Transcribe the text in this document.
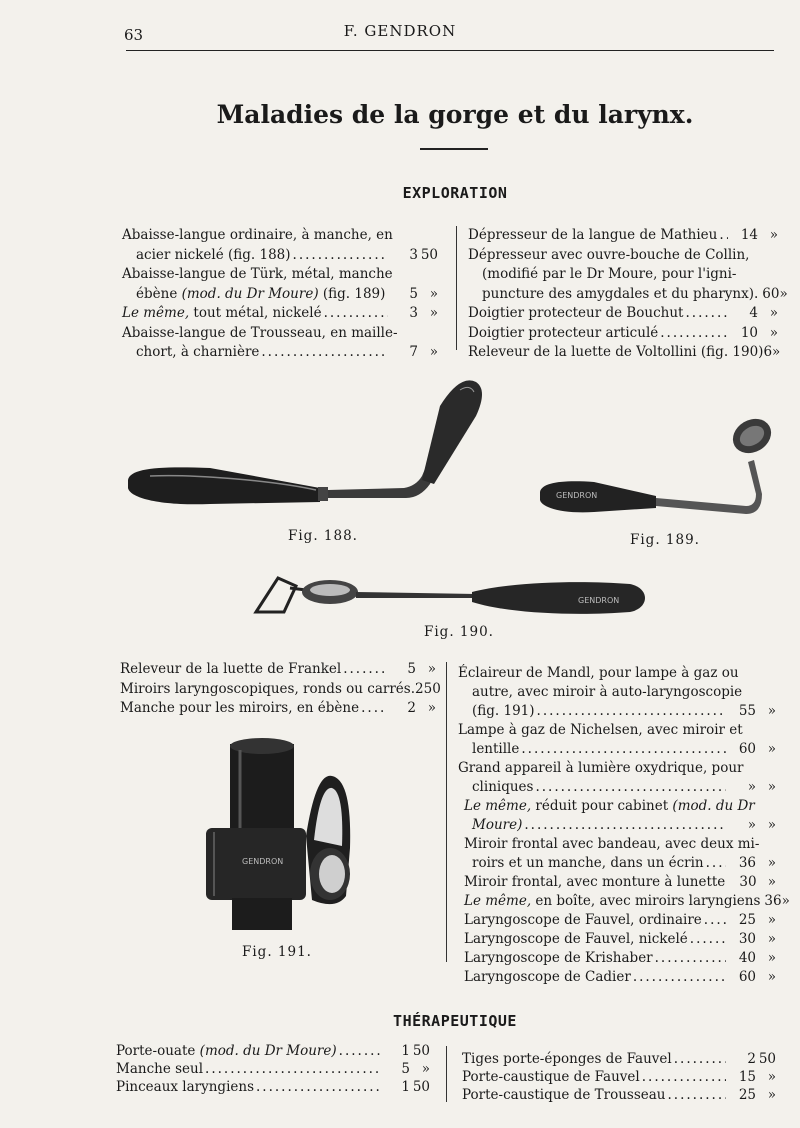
63	F. GENDRON
Maladies de la gorge et du larynx.
EXPLORATION
Abaisse-langue ordinaire, à manche, en
acier nickelé (fig. 188) .....	3 50
Abaisse-langue de Türk, métal, manche
ébène (mod. du Dr Moure) (fig. 189) .....	5 »
Le même, tout métal, nickelé .....	3 »
Abaisse-langue de Trousseau, en maille-
chort, à charnière .....	7 »
Dépresseur de la langue de Mathieu .....	14 »
Dépresseur avec ouvre-bouche de Collin,
(modifié par le Dr Moure, pour l'igni-
puncture des amygdales et du pharynx). 60 »
Doigtier protecteur de Bouchut .....	4 »
Doigtier protecteur articulé .....	10 »
Releveur de la luette de Voltollini (fig. 190) 6 »
Fig. 188.
GENDRON
Fig. 189.
GENDRON
Fig. 190.
Releveur de la luette de Frankel .....	5 »
Miroirs laryngoscopiques, ronds ou carrés. 2 50
Manche pour les miroirs, en ébène .....	2 »
GENDRON
Fig. 191.
Éclaireur de Mandl, pour lampe à gaz ou
autre, avec miroir à auto-laryngoscopie
(fig. 191) .....	55 »
Lampe à gaz de Nichelsen, avec miroir et
lentille .....	60 »
Grand appareil à lumière oxydrique, pour
cliniques .....	» »
Le même, réduit pour cabinet (mod. du Dr
Moure) .....	» »
Miroir frontal avec bandeau, avec deux mi-
roirs et un manche, dans un écrin .....	36 »
Miroir frontal, avec monture à lunette	30 »
Le même, en boîte, avec miroirs laryngiens 36 »
Laryngoscope de Fauvel, ordinaire .....	25 »
Laryngoscope de Fauvel, nickelé .....	30 »
Laryngoscope de Krishaber .....	40 »
Laryngoscope de Cadier .....	60 »
THÉRAPEUTIQUE
Porte-ouate (mod. du Dr Moure) .....	1 50
Manche seul .....	5 »
Pinceaux laryngiens .....	1 50
Tiges porte-éponges de Fauvel .....	2 50
Porte-caustique de Fauvel .....	15 »
Porte-caustique de Trousseau .....	25 »
